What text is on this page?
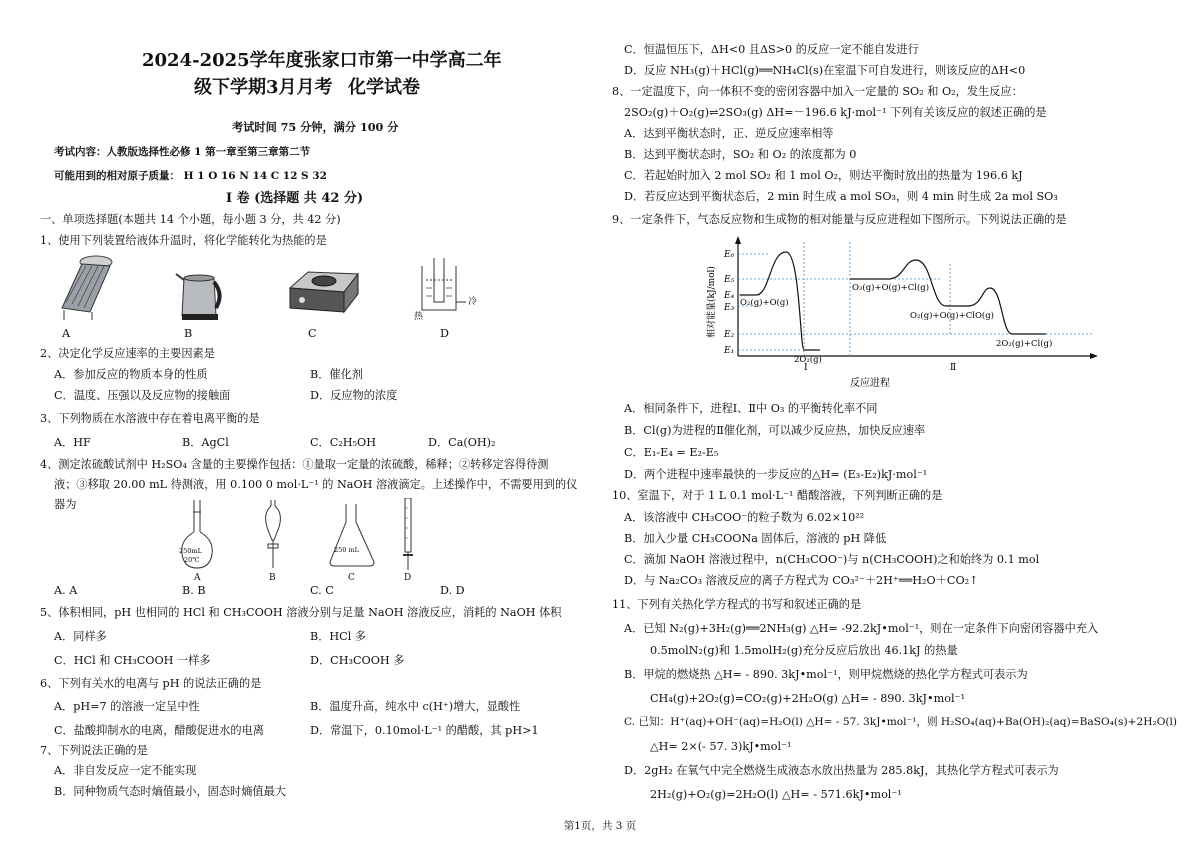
2024-2025学年度张家口市第一中学高二年
级下学期3月月考 化学试卷
考试时间 75 分钟，满分 100 分
考试内容：人教版选择性必修 1 第一章至第三章第二节
可能用到的相对原子质量： H 1 O 16 N 14 C 12 S 32
Ⅰ 卷 (选择题 共 42 分)
一、单项选择题(本题共 14 个小题，每小题 3 分，共 42 分)
1、使用下列装置给液体升温时，将化学能转化为热能的是
A	B	C
冷
热
D
2、决定化学反应速率的主要因素是
A．参加反应的物质本身的性质	B．催化剂
C．温度、压强以及反应物的接触面	D．反应物的浓度
3、下列物质在水溶液中存在着电离平衡的是
A．HF	B．AgCl	C．C₂H₅OH	D．Ca(OH)₂
4、测定浓硫酸试剂中 H₂SO₄ 含量的主要操作包括：①量取一定量的浓硫酸，稀释；②转移定容得待测
液；③移取 20.00 mL 待测液，用 0.100 0 mol·L⁻¹ 的 NaOH 溶液滴定。上述操作中，不需要用到的仪
器为
250mL
20℃
A	B
250 mL
C	D
A. A	B. B	C. C	D. D
5、体积相同，pH 也相同的 HCl 和 CH₃COOH 溶液分别与足量 NaOH 溶液反应，消耗的 NaOH 体积
A．同样多	B．HCl 多
C．HCl 和 CH₃COOH 一样多	D．CH₃COOH 多
6、下列有关水的电离与 pH 的说法正确的是
A．pH=7 的溶液一定呈中性	B．温度升高，纯水中 c(H⁺)增大，显酸性
C．盐酸抑制水的电离，醋酸促进水的电离	D．常温下，0.10mol·L⁻¹ 的醋酸，其 pH>1
7、下列说法正确的是
A．非自发反应一定不能实现
B．同种物质气态时熵值最小，固态时熵值最大
C．恒温恒压下，ΔH<0 且ΔS>0 的反应一定不能自发进行
D．反应 NH₃(g)＋HCl(g)══NH₄Cl(s)在室温下可自发进行，则该反应的ΔH<0
8、一定温度下，向一体积不变的密闭容器中加入一定量的 SO₂ 和 O₂，发生反应：
2SO₂(g)＋O₂(g)⇌2SO₃(g) ΔH=－196.6 kJ·mol⁻¹ 下列有关该反应的叙述正确的是
A．达到平衡状态时，正、逆反应速率相等
B．达到平衡状态时，SO₂ 和 O₂ 的浓度都为 0
C．若起始时加入 2 mol SO₂ 和 1 mol O₂，则达平衡时放出的热量为 196.6 kJ
D．若反应达到平衡状态后，2 min 时生成 a mol SO₃，则 4 min 时生成 2a mol SO₃
9、一定条件下，气态反应物和生成物的相对能量与反应进程如下图所示。下列说法正确的是
E₆
E₅
E₄
E₃
E₂
E₁
O₂(g)+O(g)
2O₂(g)
O₃(g)+O(g)+Cl(g)
O₂(g)+O(g)+ClO(g)
2O₂(g)+Cl(g)
Ⅰ	Ⅱ
反应进程
相对能量(kJ/mol)
A．相同条件下，进程Ⅰ、Ⅱ中 O₃ 的平衡转化率不同
B．Cl(g)为进程的Ⅱ催化剂，可以减少反应热，加快反应速率
C．E₁-E₄ = E₂-E₅
D．两个进程中速率最快的一步反应的△H= (E₃-E₂)kJ·mol⁻¹
10、室温下，对于 1 L 0.1 mol·L⁻¹ 醋酸溶液，下列判断正确的是
A．该溶液中 CH₃COO⁻的粒子数为 6.02×10²²
B．加入少量 CH₃COONa 固体后，溶液的 pH 降低
C．滴加 NaOH 溶液过程中，n(CH₃COO⁻)与 n(CH₃COOH)之和始终为 0.1 mol
D．与 Na₂CO₃ 溶液反应的离子方程式为 CO₃²⁻＋2H⁺══H₂O＋CO₂↑
11、下列有关热化学方程式的书写和叙述正确的是
A．已知 N₂(g)+3H₂(g)══2NH₃(g) △H= -92.2kJ•mol⁻¹，则在一定条件下向密闭容器中充入
0.5molN₂(g)和 1.5molH₂(g)充分反应后放出 46.1kJ 的热量
B．甲烷的燃烧热 △H= - 890. 3kJ•mol⁻¹，则甲烷燃烧的热化学方程式可表示为
CH₄(g)+2O₂(g)=CO₂(g)+2H₂O(g) △H= - 890. 3kJ•mol⁻¹
C. 已知：H⁺(aq)+OH⁻(aq)=H₂O(l) △H= - 57. 3kJ•mol⁻¹，则 H₂SO₄(aq)+Ba(OH)₂(aq)=BaSO₄(s)+2H₂O(l)
△H= 2×(- 57. 3)kJ•mol⁻¹
D．2gH₂ 在氧气中完全燃烧生成液态水放出热量为 285.8kJ，其热化学方程式可表示为
2H₂(g)+O₂(g)=2H₂O(l) △H= - 571.6kJ•mol⁻¹
第1页，共 3 页
